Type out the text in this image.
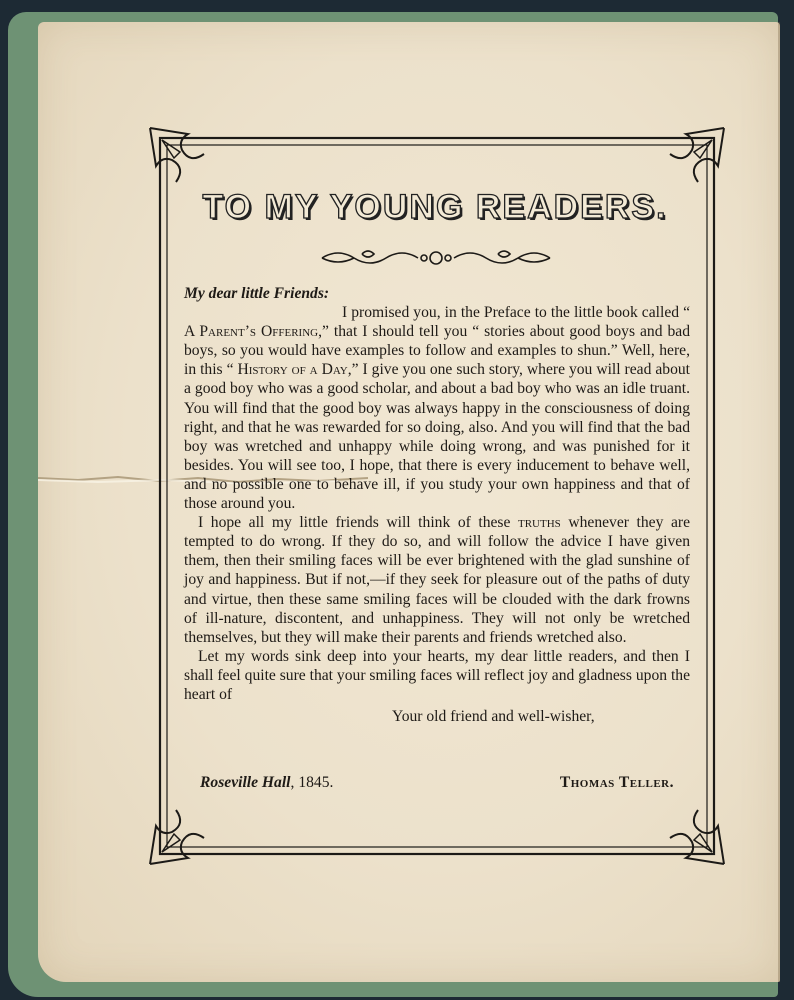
TO MY YOUNG READERS.

My dear little Friends:

I promised you, in the Preface to the little book called “ A Parent’s Offering,” that I should tell you “ stories about good boys and bad boys, so you would have examples to follow and examples to shun.” Well, here, in this “ History of a Day,” I give you one such story, where you will read about a good boy who was a good scholar, and about a bad boy who was an idle truant. You will find that the good boy was always happy in the consciousness of doing right, and that he was rewarded for so doing, also. And you will find that the bad boy was wretched and unhappy while doing wrong, and was punished for it besides. You will see too, I hope, that there is every inducement to behave well, and no possible one to behave ill, if you study your own happiness and that of those around you.

I hope all my little friends will think of these truths whenever they are tempted to do wrong. If they do so, and will follow the advice I have given them, then their smiling faces will be ever brightened with the glad sunshine of joy and happiness. But if not,—if they seek for pleasure out of the paths of duty and virtue, then these same smiling faces will be clouded with the dark frowns of ill-nature, discontent, and unhappiness. They will not only be wretched themselves, but they will make their parents and friends wretched also.

Let my words sink deep into your hearts, my dear little readers, and then I shall feel quite sure that your smiling faces will reflect joy and gladness upon the heart of

Your old friend and well-wisher,

Roseville Hall, 1845.	Thomas Teller.
